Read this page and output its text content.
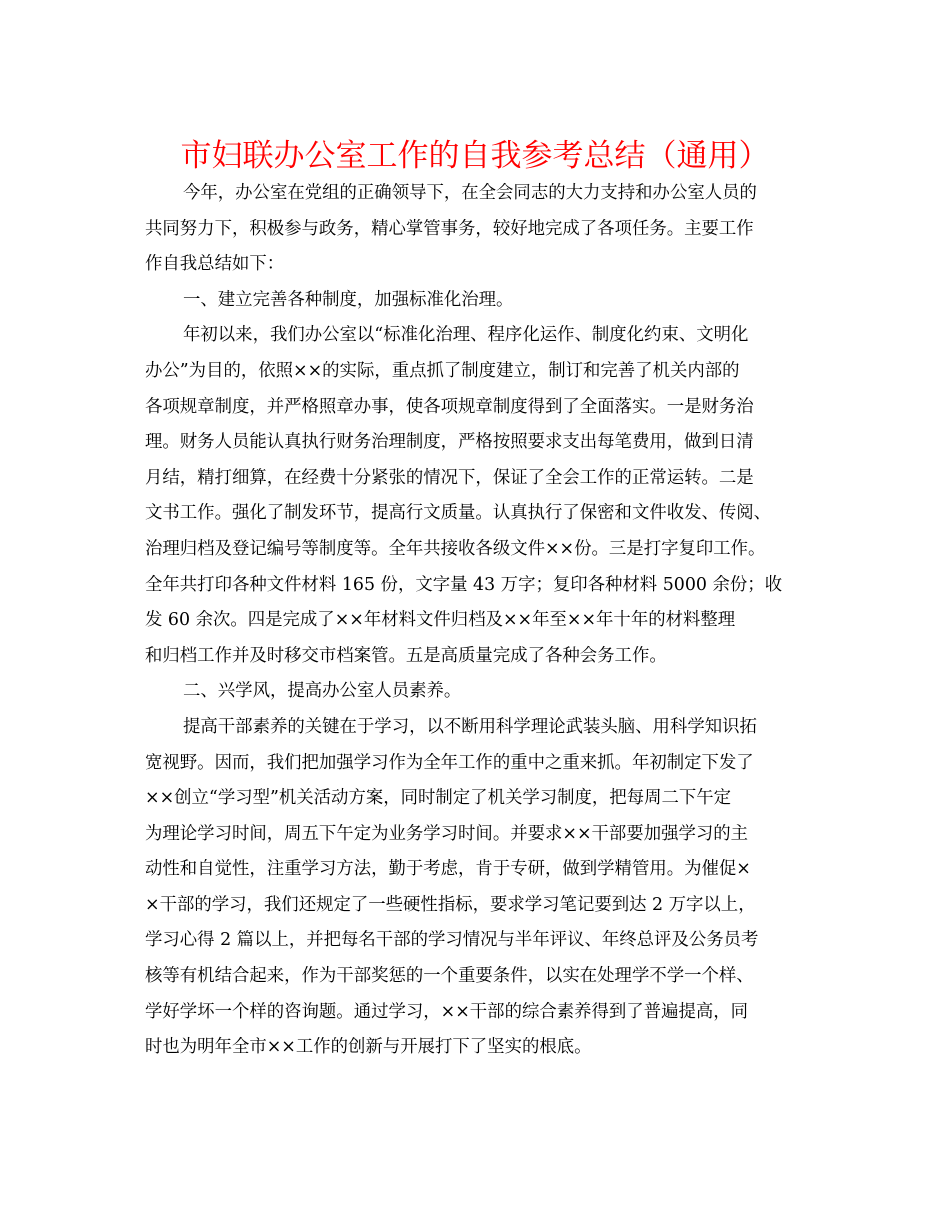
市妇联办公室工作的自我参考总结（通用）
今年，办公室在党组的正确领导下，在全会同志的大力支持和办公室人员的
共同努力下，积极参与政务，精心掌管事务，较好地完成了各项任务。主要工作
作自我总结如下：
一、建立完善各种制度，加强标准化治理。
年初以来，我们办公室以“标准化治理、程序化运作、制度化约束、文明化
办公”为目的，依照××的实际，重点抓了制度建立，制订和完善了机关内部的
各项规章制度，并严格照章办事，使各项规章制度得到了全面落实。一是财务治
理。财务人员能认真执行财务治理制度，严格按照要求支出每笔费用，做到日清
月结，精打细算，在经费十分紧张的情况下，保证了全会工作的正常运转。二是
文书工作。强化了制发环节，提高行文质量。认真执行了保密和文件收发、传阅、
治理归档及登记编号等制度等。全年共接收各级文件××份。三是打字复印工作。
全年共打印各种文件材料 165 份，文字量 43 万字；复印各种材料 5000 余份；收
发 60 余次。四是完成了××年材料文件归档及××年至××年十年的材料整理
和归档工作并及时移交市档案管。五是高质量完成了各种会务工作。
二、兴学风，提高办公室人员素养。
提高干部素养的关键在于学习，以不断用科学理论武装头脑、用科学知识拓
宽视野。因而，我们把加强学习作为全年工作的重中之重来抓。年初制定下发了
××创立“学习型”机关活动方案，同时制定了机关学习制度，把每周二下午定
为理论学习时间，周五下午定为业务学习时间。并要求××干部要加强学习的主
动性和自觉性，注重学习方法，勤于考虑，肯于专研，做到学精管用。为催促×
×干部的学习，我们还规定了一些硬性指标，要求学习笔记要到达 2 万字以上，
学习心得 2 篇以上，并把每名干部的学习情况与半年评议、年终总评及公务员考
核等有机结合起来，作为干部奖惩的一个重要条件，以实在处理学不学一个样、
学好学坏一个样的咨询题。通过学习，××干部的综合素养得到了普遍提高，同
时也为明年全市××工作的创新与开展打下了坚实的根底。
